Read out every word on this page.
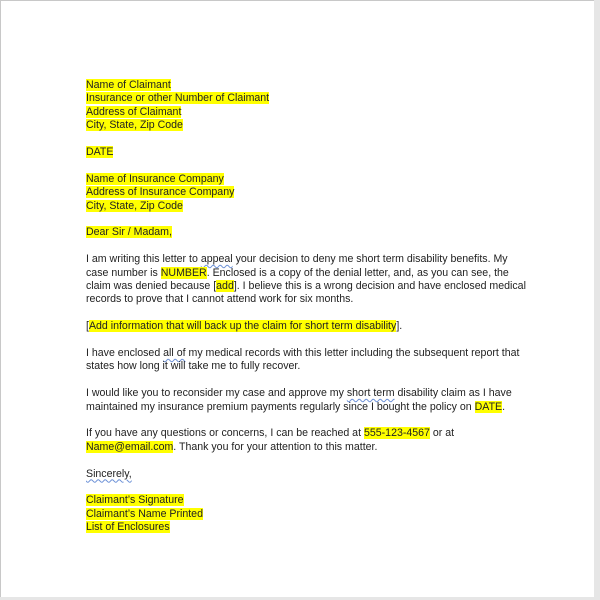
Name of Claimant

Insurance or other Number of Claimant

Address of Claimant

City, State, Zip Code

DATE

Name of Insurance Company

Address of Insurance Company

City, State, Zip Code

Dear Sir / Madam,

I am writing this letter to appeal your decision to deny me short term disability benefits. My case number is NUMBER. Enclosed is a copy of the denial letter, and, as you can see, the claim was denied because [add]. I believe this is a wrong decision and have enclosed medical records to prove that I cannot attend work for six months.

[Add information that will back up the claim for short term disability].

I have enclosed all of my medical records with this letter including the subsequent report that states how long it will take me to fully recover.

I would like you to reconsider my case and approve my short term disability claim as I have maintained my insurance premium payments regularly since I bought the policy on DATE.

If you have any questions or concerns, I can be reached at 555-123-4567 or at Name@email.com. Thank you for your attention to this matter.

Sincerely,

Claimant’s Signature

Claimant’s Name Printed

List of Enclosures
